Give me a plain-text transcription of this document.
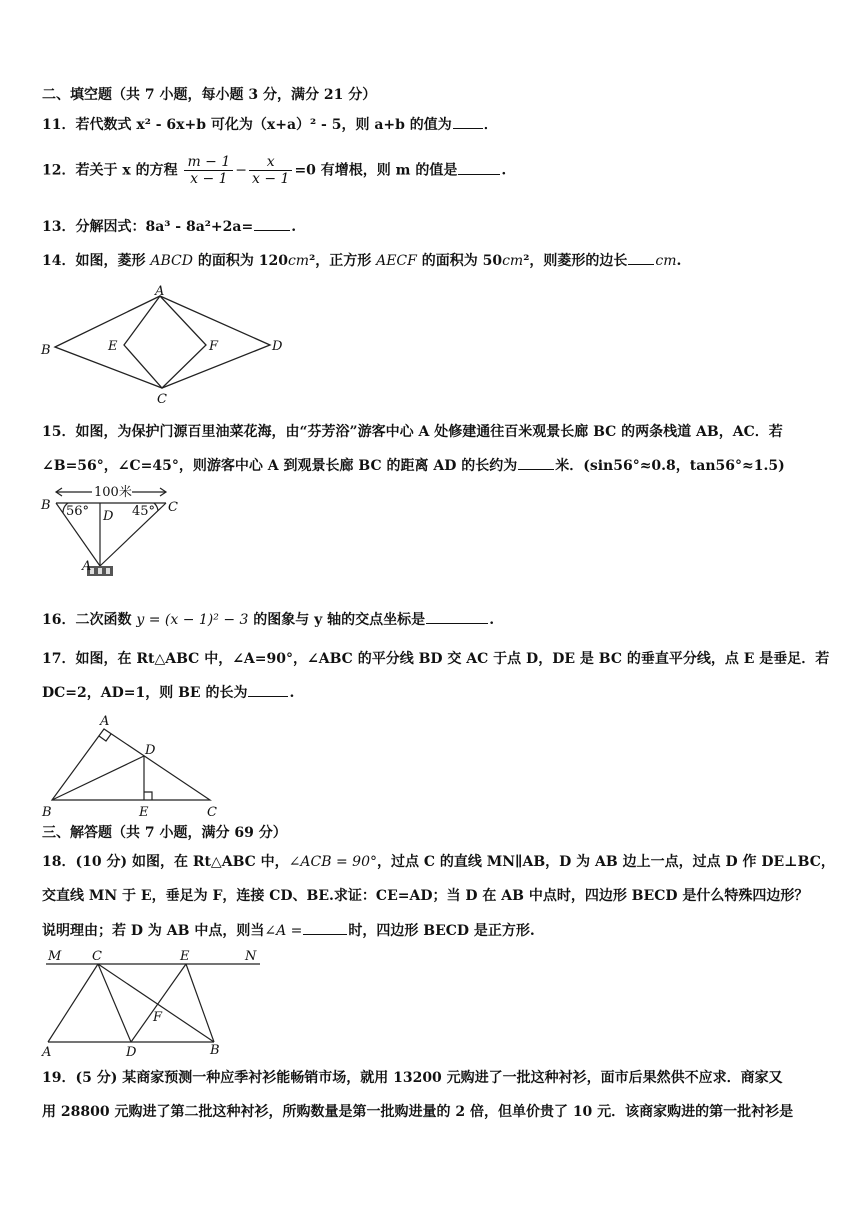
二、填空题（共 7 小题，每小题 3 分，满分 21 分）
11．若代数式 x² - 6x+b 可化为（x+a）² - 5，则 a+b 的值为 ．
12．若关于 x 的方程 $\frac{m - 1}{x - 1} - \frac{x}{x - 1} =0$ 有增根，则 m 的值是	.
13．分解因式：8a³ - 8a²+2a=	.
14．如图，菱形 ABCD 的面积为 120cm²，正方形 AECF 的面积为 50cm²，则菱形的边长 cm.
A
B
C
D
E	F
15．如图，为保护门源百里油菜花海，由“芬芳浴”游客中心 A 处修建通往百米观景长廊 BC 的两条栈道 AB，AC．若
∠B=56°，∠C=45°，则游客中心 A 到观景长廊 BC 的距离 AD 的长约为	米．(sin56°≈0.8，tan56°≈1.5)
100米
B	C
D
A
56°	45°
16．二次函数 y = (x − 1)² − 3 的图象与 y 轴的交点坐标是	.
17．如图，在 Rt△ABC 中，∠A=90°，∠ABC 的平分线 BD 交 AC 于点 D，DE 是 BC 的垂直平分线，点 E 是垂足．若
DC=2，AD=1，则 BE 的长为	.
A
B	C
D
E
三、解答题（共 7 小题，满分 69 分）
18．(10 分) 如图，在 Rt△ABC 中，∠ACB = 90°，过点 C 的直线 MN∥AB，D 为 AB 边上一点，过点 D 作 DE⊥BC，
交直线 MN 于 E，垂足为 F，连接 CD、BE.求证：CE=AD；当 D 在 AB 中点时，四边形 BECD 是什么特殊四边形？
说明理由；若 D 为 AB 中点，则当∠A =	时，四边形 BECD 是正方形.
M C	E	N
F
A	D	B
19．(5 分) 某商家预测一种应季衬衫能畅销市场，就用 13200 元购进了一批这种衬衫，面市后果然供不应求．商家又
用 28800 元购进了第二批这种衬衫，所购数量是第一批购进量的 2 倍，但单价贵了 10 元．该商家购进的第一批衬衫是
